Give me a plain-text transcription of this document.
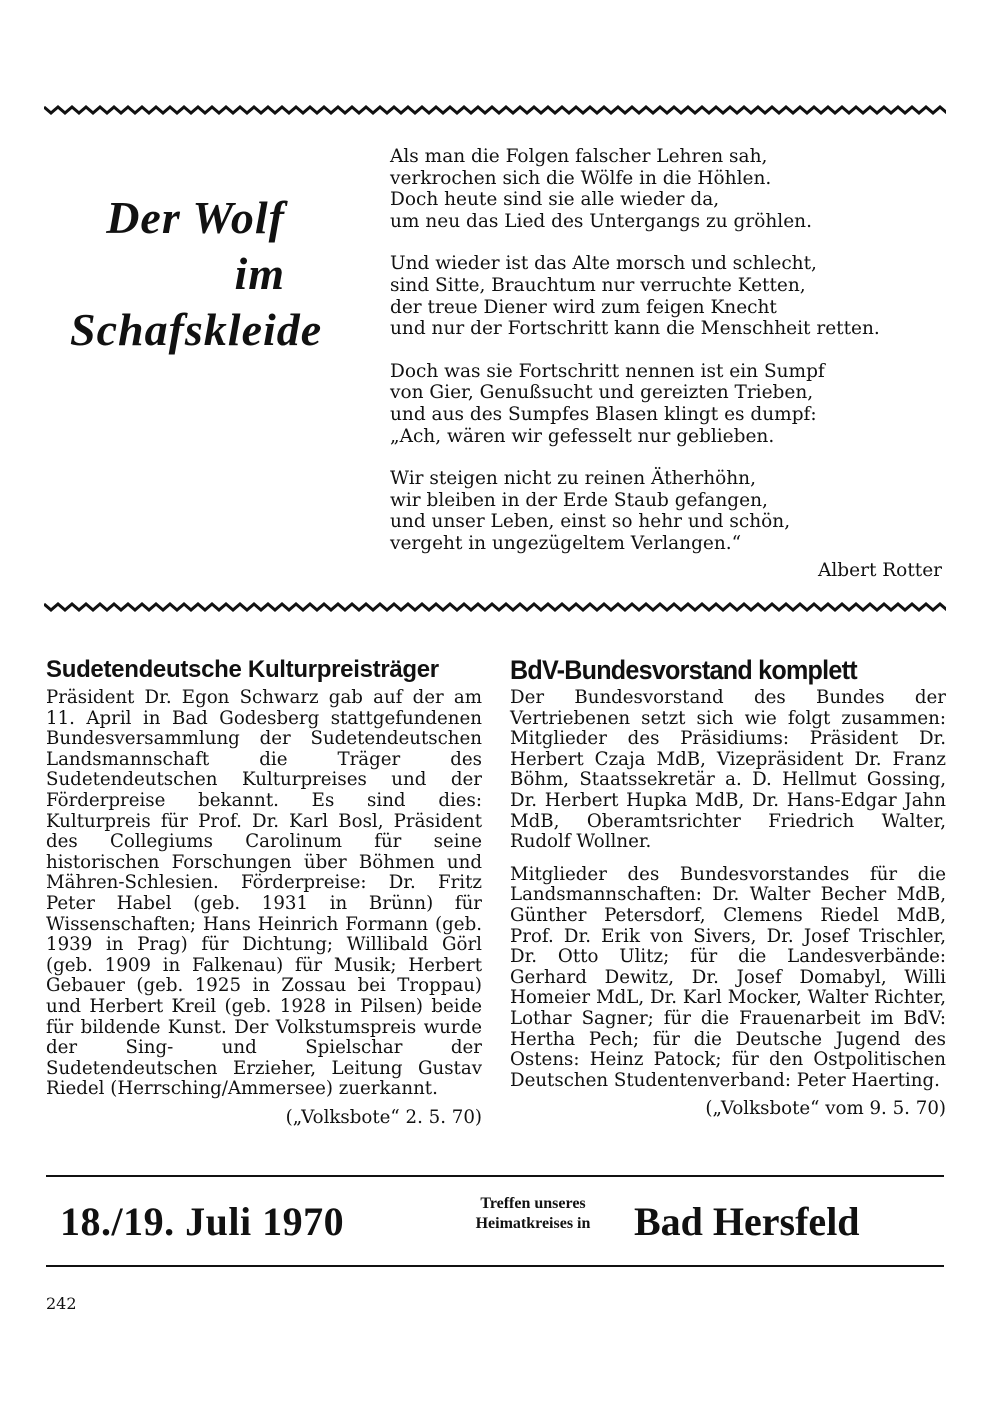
Der Wolf
im
Schafskleide
Als man die Folgen falscher Lehren sah,
verkrochen sich die Wölfe in die Höhlen.
Doch heute sind sie alle wieder da,
um neu das Lied des Untergangs zu gröhlen.
Und wieder ist das Alte morsch und schlecht,
sind Sitte, Brauchtum nur verruchte Ketten,
der treue Diener wird zum feigen Knecht
und nur der Fortschritt kann die Menschheit retten.
Doch was sie Fortschritt nennen ist ein Sumpf
von Gier, Genußsucht und gereizten Trieben,
und aus des Sumpfes Blasen klingt es dumpf:
„Ach, wären wir gefesselt nur geblieben.
Wir steigen nicht zu reinen Ätherhöhn,
wir bleiben in der Erde Staub gefangen,
und unser Leben, einst so hehr und schön,
vergeht in ungezügeltem Verlangen.“
Albert Rotter
Sudetendeutsche Kulturpreisträger

Präsident Dr. Egon Schwarz gab auf der am 11. April in Bad Godesberg stattgefundenen Bundesversammlung der Sudetendeutschen Landsmannschaft die Träger des Sudetendeutschen Kulturpreises und der Förderpreise bekannt. Es sind dies: Kulturpreis für Prof. Dr. Karl Bosl, Präsident des Collegiums Carolinum für seine historischen Forschungen über Böhmen und Mähren-Schlesien. Förderpreise: Dr. Fritz Peter Habel (geb. 1931 in Brünn) für Wissenschaften; Hans Heinrich Formann (geb. 1939 in Prag) für Dichtung; Willibald Görl (geb. 1909 in Falkenau) für Musik; Herbert Gebauer (geb. 1925 in Zossau bei Troppau) und Herbert Kreil (geb. 1928 in Pilsen) beide für bildende Kunst. Der Volkstumspreis wurde der Sing- und Spielschar der Sudetendeutschen Erzieher, Leitung Gustav Riedel (Herrsching/Ammersee) zuerkannt.

(„Volksbote“ 2. 5. 70)
BdV-Bundesvorstand komplett

Der Bundesvorstand des Bundes der Vertriebenen setzt sich wie folgt zusammen: Mitglieder des Präsidiums: Präsident Dr. Herbert Czaja MdB, Vizepräsident Dr. Franz Böhm, Staatssekretär a. D. Hellmut Gossing, Dr. Herbert Hupka MdB, Dr. Hans-Edgar Jahn MdB, Oberamtsrichter Friedrich Walter, Rudolf Wollner.

Mitglieder des Bundesvorstandes für die Landsmannschaften: Dr. Walter Becher MdB, Günther Petersdorf, Clemens Riedel MdB, Prof. Dr. Erik von Sivers, Dr. Josef Trischler, Dr. Otto Ulitz; für die Landesverbände: Gerhard Dewitz, Dr. Josef Domabyl, Willi Homeier MdL, Dr. Karl Mocker, Walter Richter, Lothar Sagner; für die Frauenarbeit im BdV: Hertha Pech; für die Deutsche Jugend des Ostens: Heinz Patock; für den Ostpolitischen Deutschen Studentenverband: Peter Haerting.

(„Volksbote“ vom 9. 5. 70)
18./19. Juli 1970	Treffen unseres
Heimatkreises in	Bad Hersfeld
242
